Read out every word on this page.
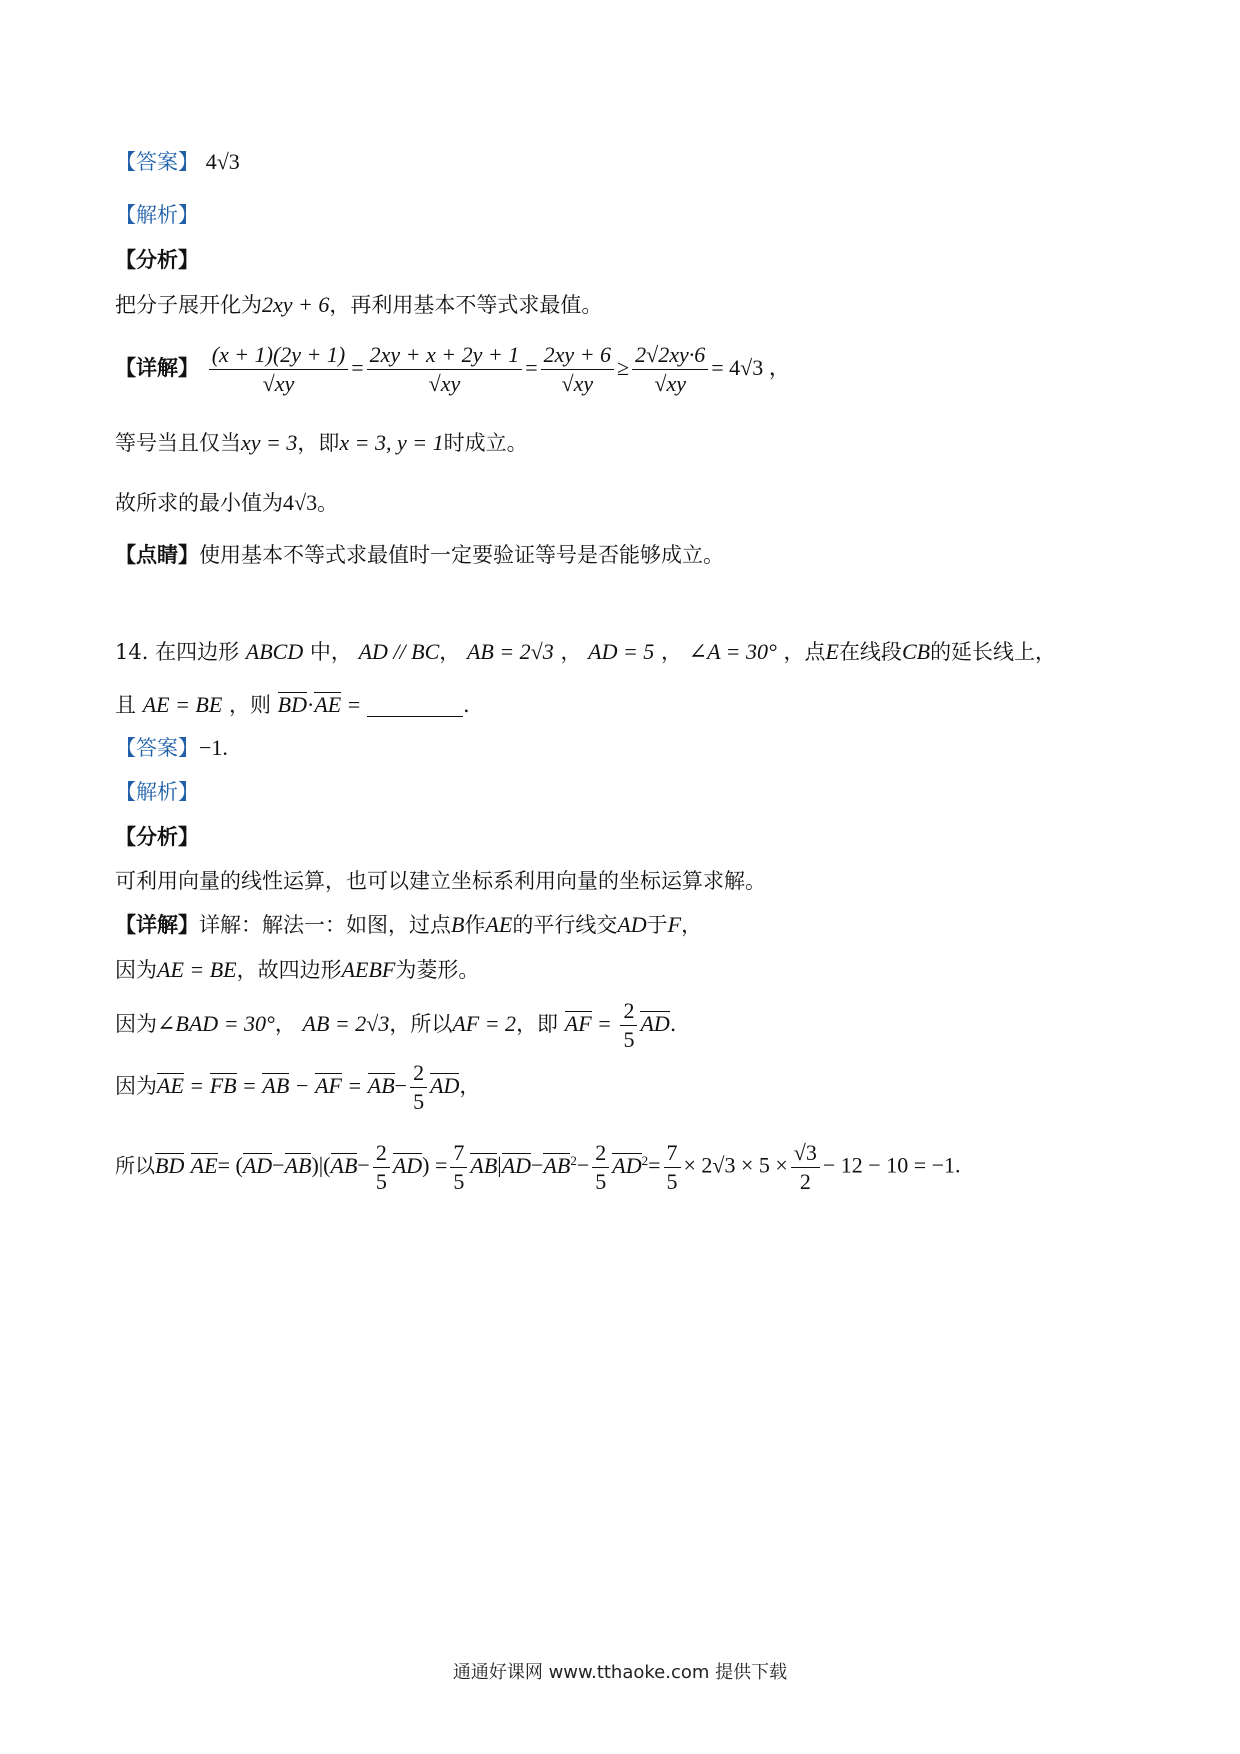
【答案】 4√3
【解析】
【分析】
把分子展开化为2xy + 6，再利用基本不等式求最值。
【详解】 $\frac{(x + 1)(2y + 1)}{√xy} = \frac{2xy + x + 2y + 1}{√xy} = \frac{2xy + 6}{√xy} \ge \frac{2√2xy\cdot 6}{√xy} = 4√3$ ，
等号当且仅当xy = 3，即x = 3, y = 1时成立。
故所求的最小值为4√3。
【点睛】使用基本不等式求最值时一定要验证等号是否能够成立。
14. 在四边形 ABCD 中， AD // BC， AB = 2√3 ， AD = 5 ， ∠A = 30° ，点E在线段CB的延长线上，
且 AE = BE ，则 BD·AE =	.
【答案】−1.
【解析】
【分析】
可利用向量的线性运算，也可以建立坐标系利用向量的坐标运算求解。
【详解】详解：解法一：如图，过点B作AE的平行线交AD于F，
因为AE = BE，故四边形AEBF为菱形。
因为∠BAD = 30°， AB = 2√3，所以AF = 2，即 AF = $\frac{2}{5}$ AD.
因为AE = FB = AB − AF = $AB- \frac{2}{5}$ AD，
所以BD $AE= (AD-AB)|(AB- \frac{2}{5} AD) = \frac{7}{5} AB|AD-AB^2- \frac{2}{5} AD^2= \frac{7}{5} \times 2√3 \times 5 \times \frac{√3}{2} - 12 - 10 = -1$.
通通好课网 www.tthaoke.com 提供下载
